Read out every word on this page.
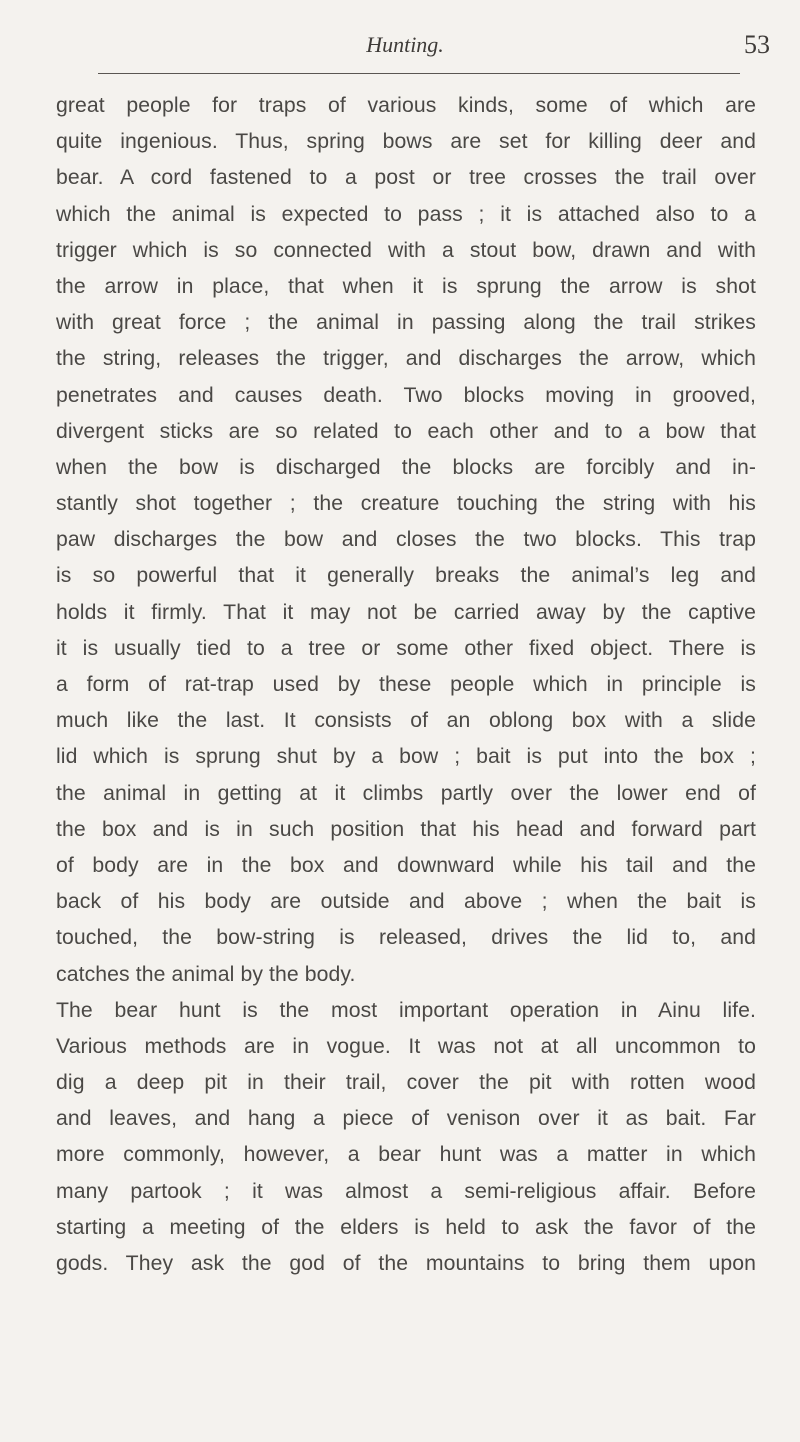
Hunting.	53
great people for traps of various kinds, some of which are
quite ingenious. Thus, spring bows are set for killing deer and
bear. A cord fastened to a post or tree crosses the trail over
which the animal is expected to pass ; it is attached also to a
trigger which is so connected with a stout bow, drawn and with
the arrow in place, that when it is sprung the arrow is shot
with great force ; the animal in passing along the trail strikes
the string, releases the trigger, and discharges the arrow, which
penetrates and causes death. Two blocks moving in grooved,
divergent sticks are so related to each other and to a bow that
when the bow is discharged the blocks are forcibly and in-
stantly shot together ; the creature touching the string with his
paw discharges the bow and closes the two blocks. This trap
is so powerful that it generally breaks the animal’s leg and
holds it firmly. That it may not be carried away by the captive
it is usually tied to a tree or some other fixed object. There is
a form of rat-trap used by these people which in principle is
much like the last. It consists of an oblong box with a slide
lid which is sprung shut by a bow ; bait is put into the box ;
the animal in getting at it climbs partly over the lower end of
the box and is in such position that his head and forward part
of body are in the box and downward while his tail and the
back of his body are outside and above ; when the bait is
touched, the bow-string is released, drives the lid to, and
catches the animal by the body.
The bear hunt is the most important operation in Ainu life.
Various methods are in vogue. It was not at all uncommon to
dig a deep pit in their trail, cover the pit with rotten wood
and leaves, and hang a piece of venison over it as bait. Far
more commonly, however, a bear hunt was a matter in which
many partook ; it was almost a semi-religious affair. Before
starting a meeting of the elders is held to ask the favor of the
gods. They ask the god of the mountains to bring them upon
